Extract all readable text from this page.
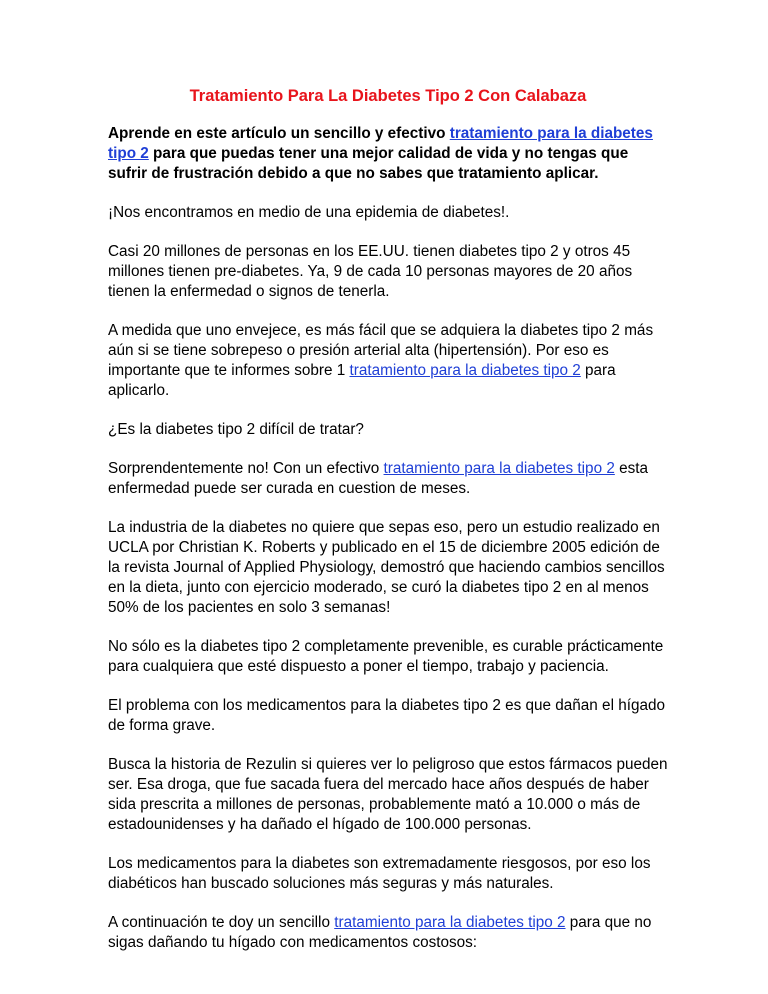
Tratamiento Para La Diabetes Tipo 2 Con Calabaza

Aprende en este artículo un sencillo y efectivo tratamiento para la diabetes tipo 2 para que puedas tener una mejor calidad de vida y no tengas que sufrir de frustración debido a que no sabes que tratamiento aplicar.

¡Nos encontramos en medio de una epidemia de diabetes!.

Casi 20 millones de personas en los EE.UU. tienen diabetes tipo 2 y otros 45 millones tienen pre-diabetes. Ya, 9 de cada 10 personas mayores de 20 años tienen la enfermedad o signos de tenerla.

A medida que uno envejece, es más fácil que se adquiera la diabetes tipo 2 más aún si se tiene sobrepeso o presión arterial alta (hipertensión). Por eso es importante que te informes sobre 1 tratamiento para la diabetes tipo 2 para aplicarlo.

¿Es la diabetes tipo 2 difícil de tratar?

Sorprendentemente no! Con un efectivo tratamiento para la diabetes tipo 2 esta enfermedad puede ser curada en cuestion de meses.

La industria de la diabetes no quiere que sepas eso, pero un estudio realizado en UCLA por Christian K. Roberts y publicado en el 15 de diciembre 2005 edición de la revista Journal of Applied Physiology, demostró que haciendo cambios sencillos en la dieta, junto con ejercicio moderado, se curó la diabetes tipo 2 en al menos 50% de los pacientes en solo 3 semanas!

No sólo es la diabetes tipo 2 completamente prevenible, es curable prácticamente para cualquiera que esté dispuesto a poner el tiempo, trabajo y paciencia.

El problema con los medicamentos para la diabetes tipo 2 es que dañan el hígado de forma grave.

Busca la historia de Rezulin si quieres ver lo peligroso que estos fármacos pueden ser. Esa droga, que fue sacada fuera del mercado hace años después de haber sida prescrita a millones de personas, probablemente mató a 10.000 o más de estadounidenses y ha dañado el hígado de 100.000 personas.

Los medicamentos para la diabetes son extremadamente riesgosos, por eso los diabéticos han buscado soluciones más seguras y más naturales.

A continuación te doy un sencillo tratamiento para la diabetes tipo 2 para que no sigas dañando tu hígado con medicamentos costosos:
